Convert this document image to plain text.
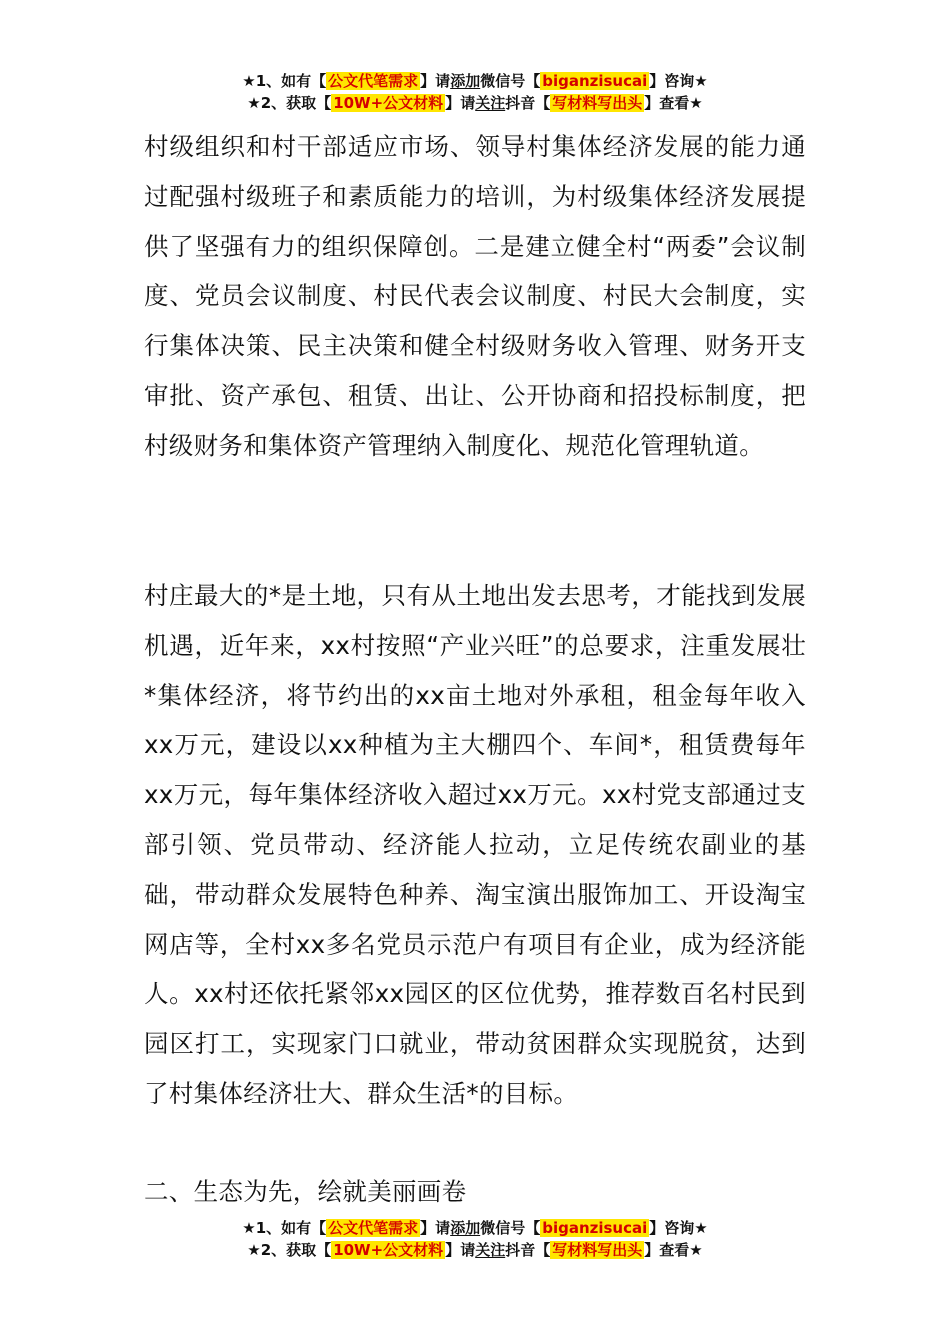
★1、如有【 公文代笔需求 】请添加微信号【 biganzisucai 】咨询★
★2、获取【 10W+公文材料 】请关注抖音【 写材料写出头 】查看★

村级组织和村干部适应市场、领导村集体经济发展的能力通过配强村级班子和素质能力的培训，为村级集体经济发展提供了坚强有力的组织保障创。二是建立健全村“两委”会议制度、党员会议制度、村民代表会议制度、村民大会制度，实行集体决策、民主决策和健全村级财务收入管理、财务开支审批、资产承包、租赁、出让、公开协商和招投标制度，把村级财务和集体资产管理纳入制度化、规范化管理轨道。

村庄最大的*是土地，只有从土地出发去思考，才能找到发展机遇，近年来，xx村按照“产业兴旺”的总要求，注重发展壮*集体经济，将节约出的xx亩土地对外承租，租金每年收入xx万元，建设以xx种植为主大棚四个、车间*，租赁费每年xx万元，每年集体经济收入超过xx万元。xx村党支部通过支部引领、党员带动、经济能人拉动，立足传统农副业的基础，带动群众发展特色种养、淘宝演出服饰加工、开设淘宝网店等，全村xx多名党员示范户有项目有企业，成为经济能人。xx村还依托紧邻xx园区的区位优势，推荐数百名村民到园区打工，实现家门口就业，带动贫困群众实现脱贫，达到了村集体经济壮大、群众生活*的目标。

二、生态为先，绘就美丽画卷

★1、如有【 公文代笔需求 】请添加微信号【 biganzisucai 】咨询★
★2、获取【 10W+公文材料 】请关注抖音【 写材料写出头 】查看★
